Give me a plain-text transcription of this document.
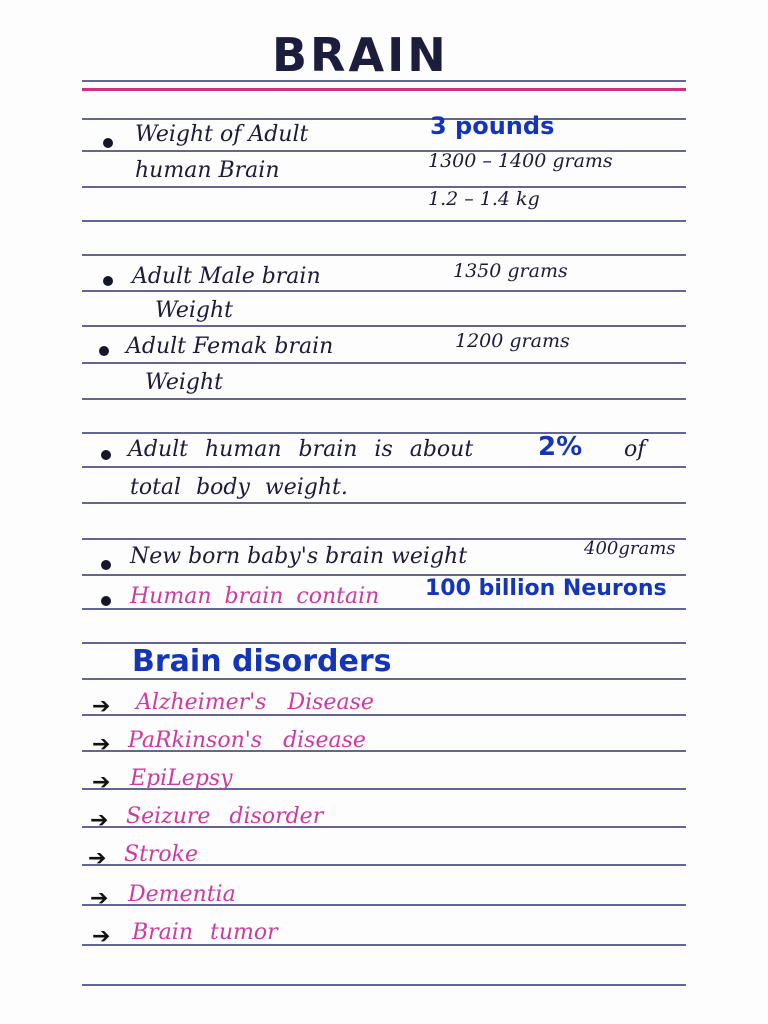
BRAIN
Weight of Adult
human Brain
3 pounds
1300 – 1400 grams
1.2 – 1.4 kg
Adult Male brain
Weight
1350 grams
Adult Femak brain
Weight
1200 grams
Adult human brain is about 2% of
total body weight.
New born baby's brain weight	400grams
Human brain contain 100 billion Neurons
Brain disorders
➔ Alzheimer's Disease
➔ PaRkinson's disease
➔ EpiLepsy
➔ Seizure disorder
➔ Stroke
➔ Dementia
➔ Brain tumor
